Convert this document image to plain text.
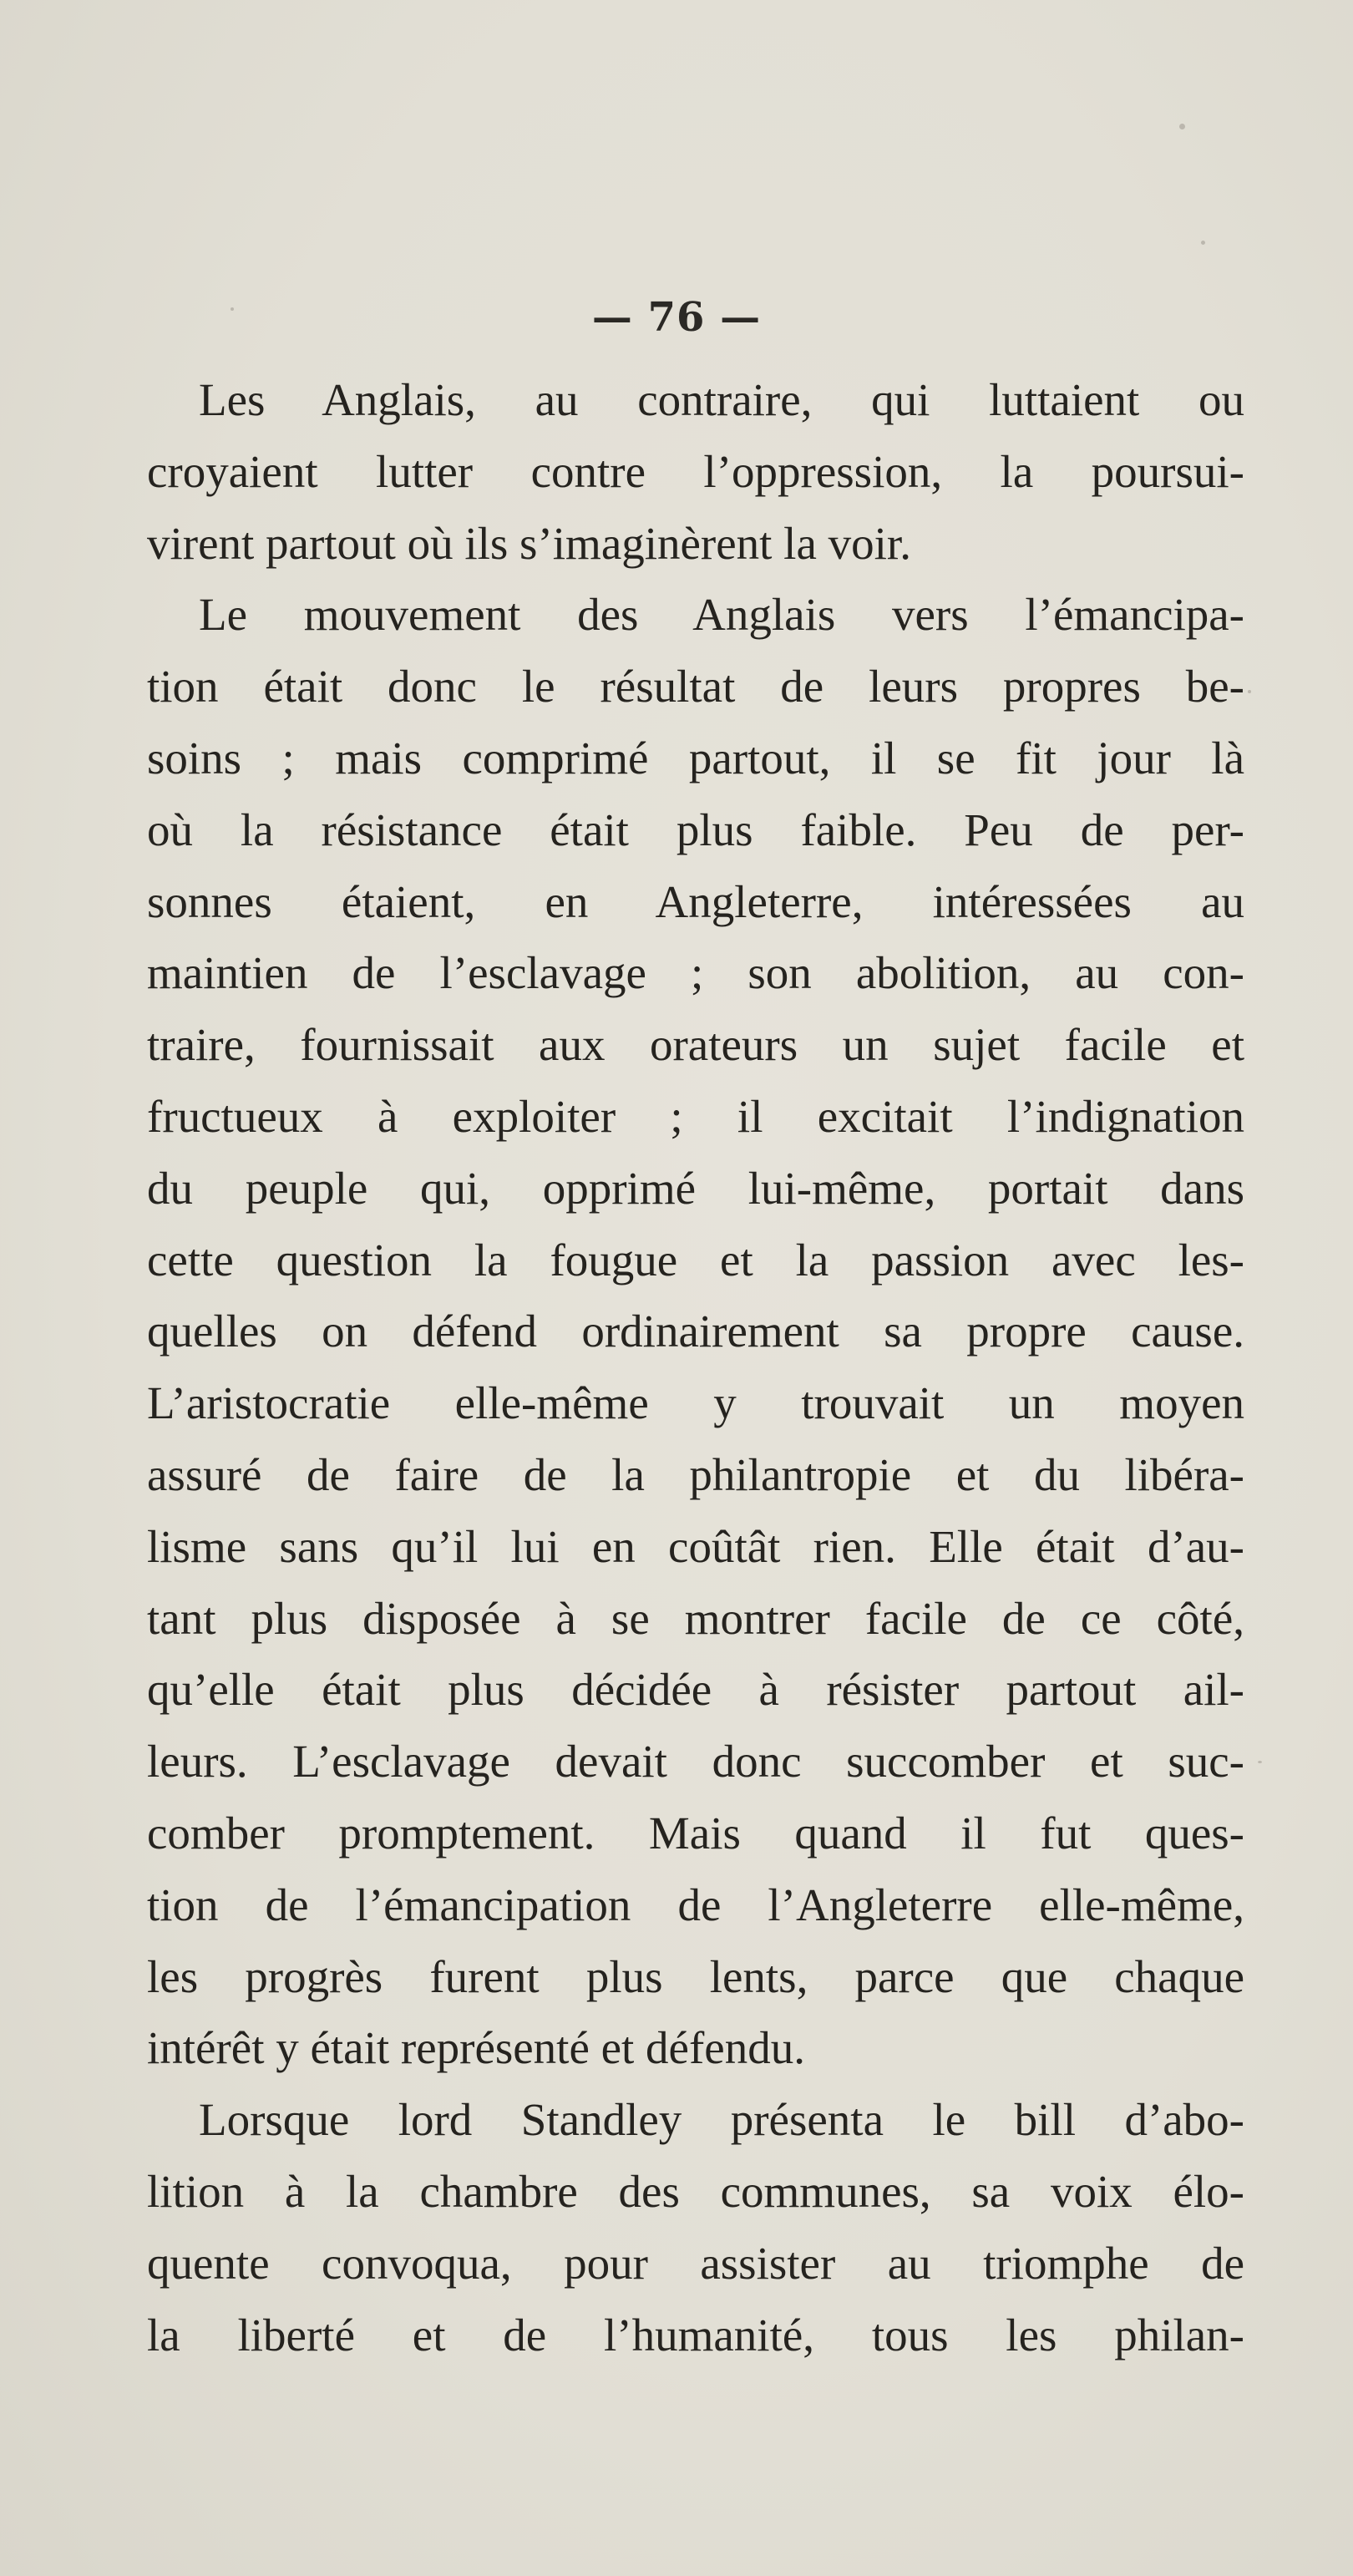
— 76 —
Les Anglais, au contraire, qui luttaient ou
croyaient lutter contre l’oppression, la poursui-
virent partout où ils s’imaginèrent la voir.
Le mouvement des Anglais vers l’émancipa-
tion était donc le résultat de leurs propres be-
soins ; mais comprimé partout, il se fit jour là
où la résistance était plus faible. Peu de per-
sonnes étaient, en Angleterre, intéressées au
maintien de l’esclavage ; son abolition, au con-
traire, fournissait aux orateurs un sujet facile et
fructueux à exploiter ; il excitait l’indignation
du peuple qui, opprimé lui-même, portait dans
cette question la fougue et la passion avec les-
quelles on défend ordinairement sa propre cause.
L’aristocratie elle-même y trouvait un moyen
assuré de faire de la philantropie et du libéra-
lisme sans qu’il lui en coûtât rien. Elle était d’au-
tant plus disposée à se montrer facile de ce côté,
qu’elle était plus décidée à résister partout ail-
leurs. L’esclavage devait donc succomber et suc-
comber promptement. Mais quand il fut ques-
tion de l’émancipation de l’Angleterre elle-même,
les progrès furent plus lents, parce que chaque
intérêt y était représenté et défendu.
Lorsque lord Standley présenta le bill d’abo-
lition à la chambre des communes, sa voix élo-
quente convoqua, pour assister au triomphe de
la liberté et de l’humanité, tous les philan-
